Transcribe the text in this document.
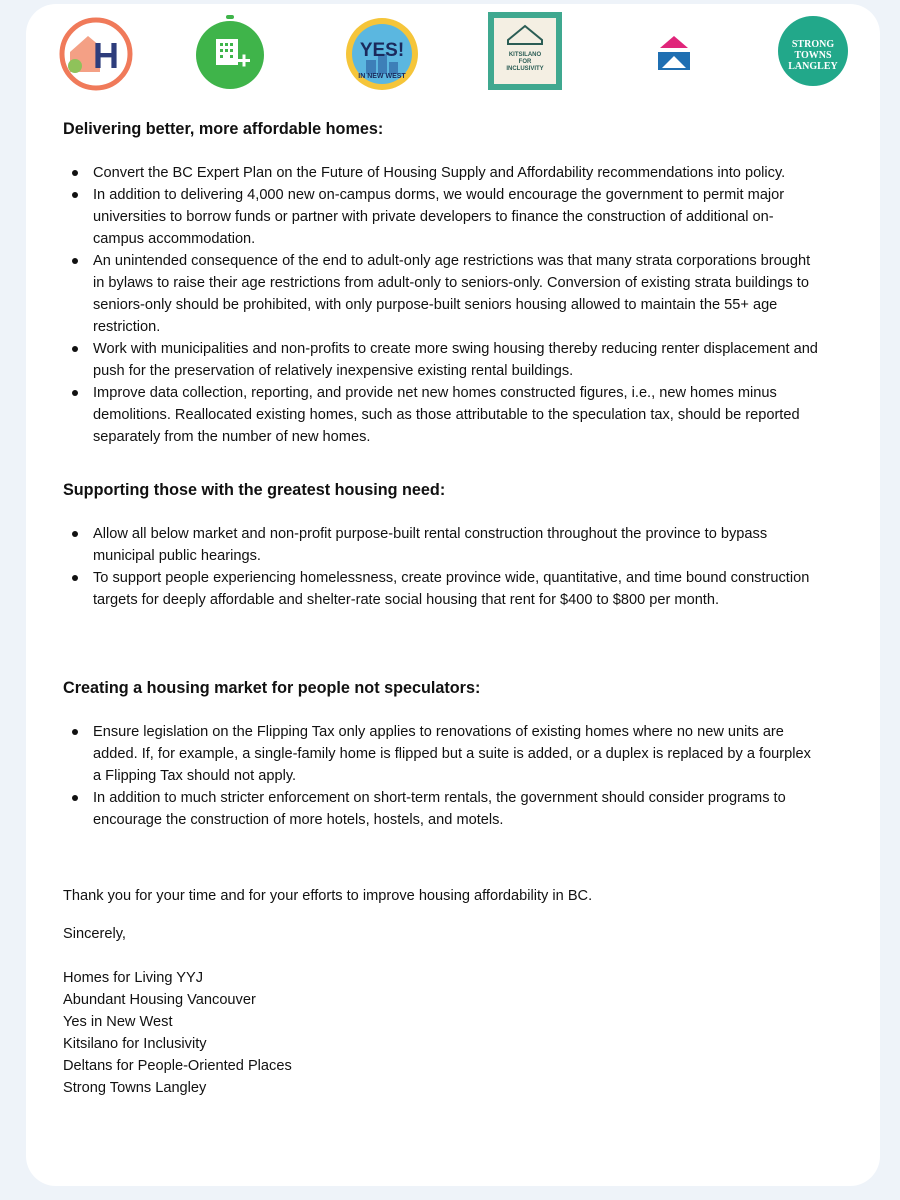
H	YES!
IN NEW WEST
KITSILANO
FOR
INCLUSIVITY
STRONG
TOWNS
LANGLEY
Delivering better, more affordable homes:
Convert the BC Expert Plan on the Future of Housing Supply and Affordability recommendations into policy.
In addition to delivering 4,000 new on-campus dorms, we would encourage the government to permit major universities to borrow funds or partner with private developers to finance the construction of additional on-campus accommodation.
An unintended consequence of the end to adult-only age restrictions was that many strata corporations brought in bylaws to raise their age restrictions from adult-only to seniors-only. Conversion of existing strata buildings to seniors-only should be prohibited, with only purpose-built seniors housing allowed to maintain the 55+ age restriction.
Work with municipalities and non-profits to create more swing housing thereby reducing renter displacement and push for the preservation of relatively inexpensive existing rental buildings.
Improve data collection, reporting, and provide net new homes constructed figures, i.e., new homes minus demolitions. Reallocated existing homes, such as those attributable to the speculation tax, should be reported separately from the number of new homes.
Supporting those with the greatest housing need:
Allow all below market and non-profit purpose-built rental construction throughout the province to bypass municipal public hearings.
To support people experiencing homelessness, create province wide, quantitative, and time bound construction targets for deeply affordable and shelter-rate social housing that rent for $400 to $800 per month.
Creating a housing market for people not speculators:
Ensure legislation on the Flipping Tax only applies to renovations of existing homes where no new units are added. If, for example, a single-family home is flipped but a suite is added, or a duplex is replaced by a fourplex a Flipping Tax should not apply.
In addition to much stricter enforcement on short-term rentals, the government should consider programs to encourage the construction of more hotels, hostels, and motels.

Thank you for your time and for your efforts to improve housing affordability in BC.

Sincerely,

Homes for Living YYJ

Abundant Housing Vancouver

Yes in New West

Kitsilano for Inclusivity

Deltans for People-Oriented Places

Strong Towns Langley
